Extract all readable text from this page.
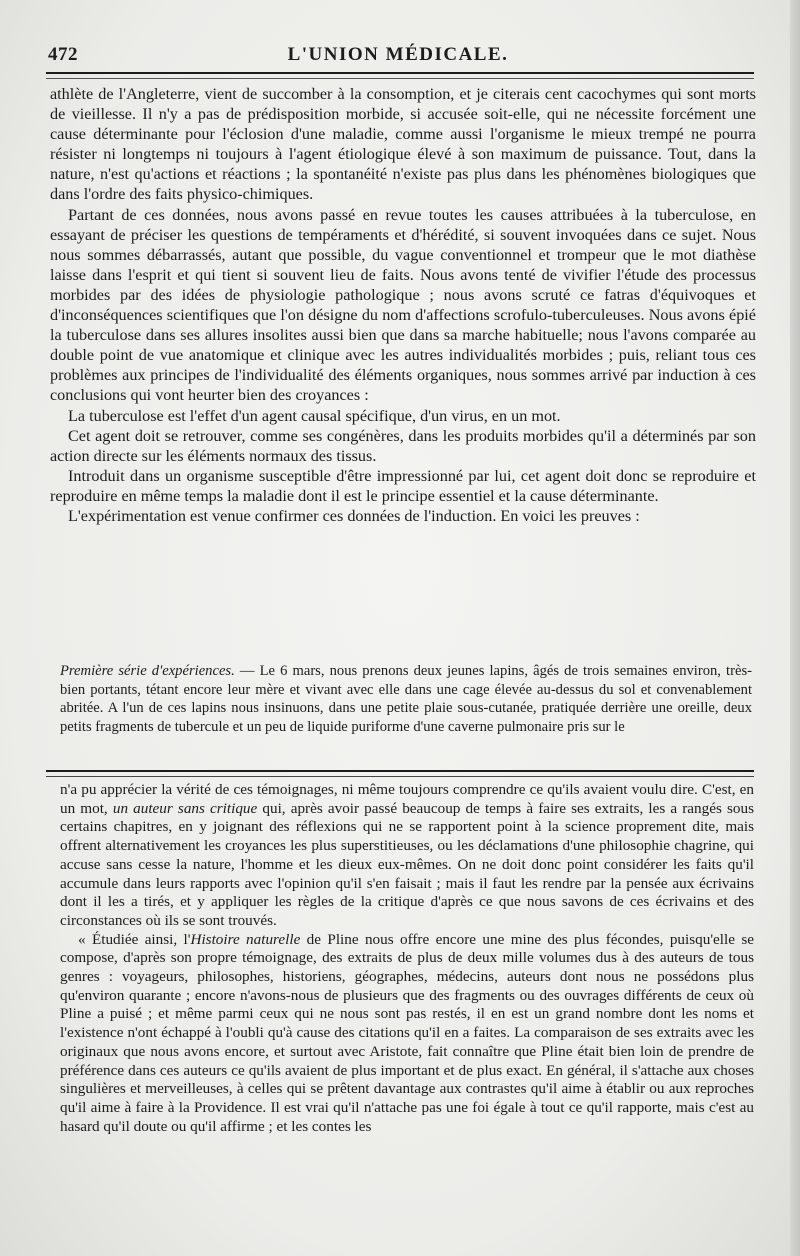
472	L'UNION MÉDICALE.

athlète de l'Angleterre, vient de succomber à la consomption, et je citerais cent cacochymes qui sont morts de vieillesse. Il n'y a pas de prédisposition morbide, si accusée soit-elle, qui ne nécessite forcément une cause déterminante pour l'éclosion d'une maladie, comme aussi l'organisme le mieux trempé ne pourra résister ni longtemps ni toujours à l'agent étiologique élevé à son maximum de puissance. Tout, dans la nature, n'est qu'actions et réactions ; la spontanéité n'existe pas plus dans les phénomènes biologiques que dans l'ordre des faits physico-chimiques.

Partant de ces données, nous avons passé en revue toutes les causes attribuées à la tuberculose, en essayant de préciser les questions de tempéraments et d'hérédité, si souvent invoquées dans ce sujet. Nous nous sommes débarrassés, autant que possible, du vague conventionnel et trompeur que le mot diathèse laisse dans l'esprit et qui tient si souvent lieu de faits. Nous avons tenté de vivifier l'étude des processus morbides par des idées de physiologie pathologique ; nous avons scruté ce fatras d'équivoques et d'inconséquences scientifiques que l'on désigne du nom d'affections scrofulo-tuberculeuses. Nous avons épié la tuberculose dans ses allures insolites aussi bien que dans sa marche habituelle; nous l'avons comparée au double point de vue anatomique et clinique avec les autres individualités morbides ; puis, reliant tous ces problèmes aux principes de l'individualité des éléments organiques, nous sommes arrivé par induction à ces conclusions qui vont heurter bien des croyances :

La tuberculose est l'effet d'un agent causal spécifique, d'un virus, en un mot.

Cet agent doit se retrouver, comme ses congénères, dans les produits morbides qu'il a déterminés par son action directe sur les éléments normaux des tissus.

Introduit dans un organisme susceptible d'être impressionné par lui, cet agent doit donc se reproduire et reproduire en même temps la maladie dont il est le principe essentiel et la cause déterminante.

L'expérimentation est venue confirmer ces données de l'induction. En voici les preuves :

Première série d'expériences. — Le 6 mars, nous prenons deux jeunes lapins, âgés de trois semaines environ, très-bien portants, tétant encore leur mère et vivant avec elle dans une cage élevée au-dessus du sol et convenablement abritée. A l'un de ces lapins nous insinuons, dans une petite plaie sous-cutanée, pratiquée derrière une oreille, deux petits fragments de tubercule et un peu de liquide puriforme d'une caverne pulmonaire pris sur le

n'a pu apprécier la vérité de ces témoignages, ni même toujours comprendre ce qu'ils avaient voulu dire. C'est, en un mot, un auteur sans critique qui, après avoir passé beaucoup de temps à faire ses extraits, les a rangés sous certains chapitres, en y joignant des réflexions qui ne se rapportent point à la science proprement dite, mais offrent alternativement les croyances les plus superstitieuses, ou les déclamations d'une philosophie chagrine, qui accuse sans cesse la nature, l'homme et les dieux eux-mêmes. On ne doit donc point considérer les faits qu'il accumule dans leurs rapports avec l'opinion qu'il s'en faisait ; mais il faut les rendre par la pensée aux écrivains dont il les a tirés, et y appliquer les règles de la critique d'après ce que nous savons de ces écrivains et des circonstances où ils se sont trouvés.

« Étudiée ainsi, l'Histoire naturelle de Pline nous offre encore une mine des plus fécondes, puisqu'elle se compose, d'après son propre témoignage, des extraits de plus de deux mille volumes dus à des auteurs de tous genres : voyageurs, philosophes, historiens, géographes, médecins, auteurs dont nous ne possédons plus qu'environ quarante ; encore n'avons-nous de plusieurs que des fragments ou des ouvrages différents de ceux où Pline a puisé ; et même parmi ceux qui ne nous sont pas restés, il en est un grand nombre dont les noms et l'existence n'ont échappé à l'oubli qu'à cause des citations qu'il en a faites. La comparaison de ses extraits avec les originaux que nous avons encore, et surtout avec Aristote, fait connaître que Pline était bien loin de prendre de préférence dans ces auteurs ce qu'ils avaient de plus important et de plus exact. En général, il s'attache aux choses singulières et merveilleuses, à celles qui se prêtent davantage aux contrastes qu'il aime à établir ou aux reproches qu'il aime à faire à la Providence. Il est vrai qu'il n'attache pas une foi égale à tout ce qu'il rapporte, mais c'est au hasard qu'il doute ou qu'il affirme ; et les contes les
